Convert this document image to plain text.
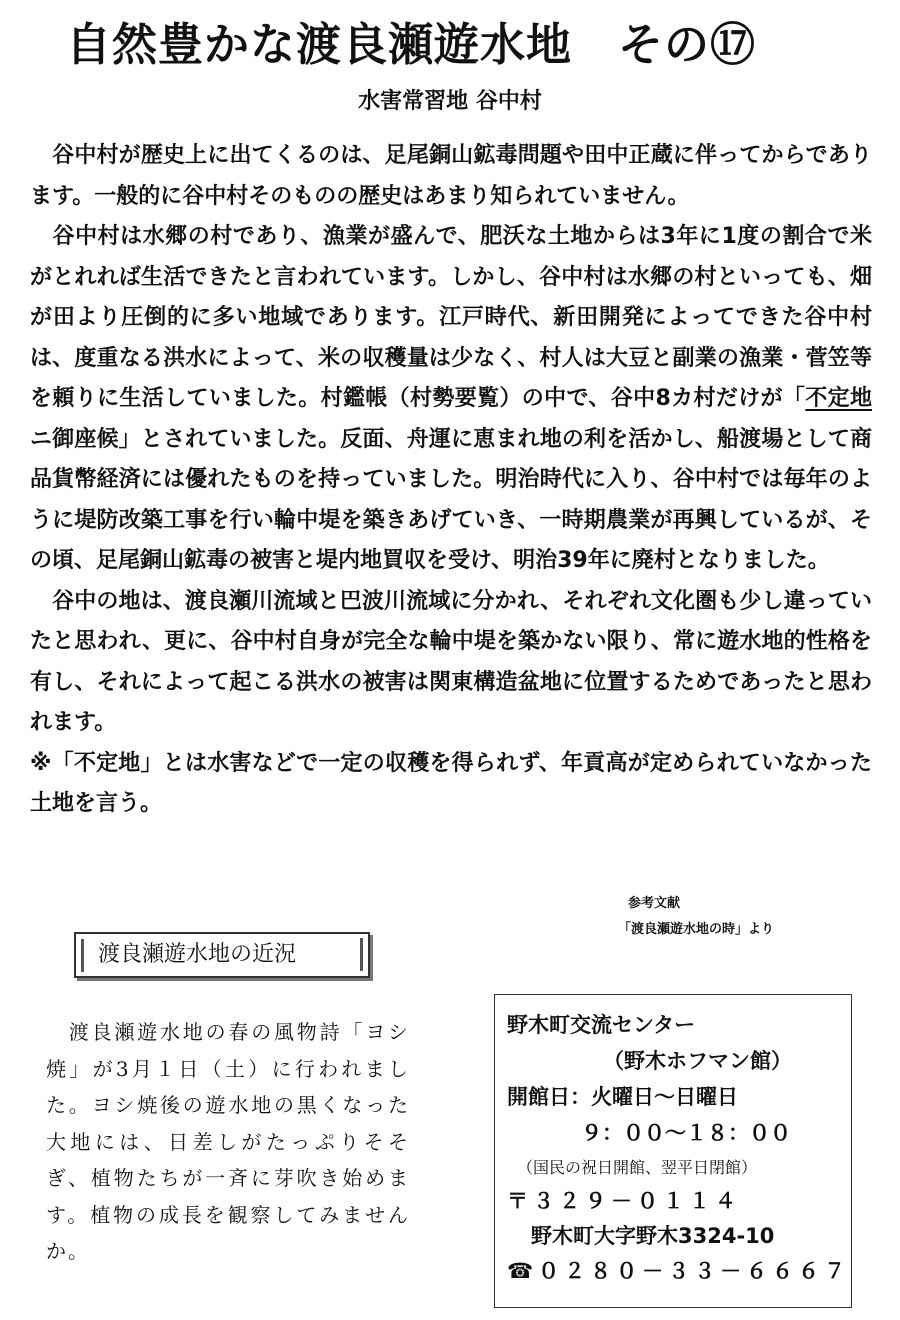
自然豊かな渡良瀬遊水地　その⑰
水害常習地 谷中村

　谷中村が歴史上に出てくるのは、足尾銅山鉱毒問題や田中正蔵に伴ってからであります。一般的に谷中村そのものの歴史はあまり知られていません。

　谷中村は水郷の村であり、漁業が盛んで、肥沃な土地からは3年に1度の割合で米がとれれば生活できたと言われています。しかし、谷中村は水郷の村といっても、畑が田より圧倒的に多い地域であります。江戸時代、新田開発によってできた谷中村は、度重なる洪水によって、米の収穫量は少なく、村人は大豆と副業の漁業・菅笠等を頼りに生活していました。村鑑帳（村勢要覧）の中で、谷中8カ村だけが「不定地ニ御座候」とされていました。反面、舟運に恵まれ地の利を活かし、船渡場として商品貨幣経済には優れたものを持っていました。明治時代に入り、谷中村では毎年のように堤防改築工事を行い輪中堤を築きあげていき、一時期農業が再興しているが、その頃、足尾銅山鉱毒の被害と堤内地買収を受け、明治39年に廃村となりました。

　谷中の地は、渡良瀬川流域と巴波川流域に分かれ、それぞれ文化圏も少し違っていたと思われ、更に、谷中村自身が完全な輪中堤を築かない限り、常に遊水地的性格を有し、それによって起こる洪水の被害は関東構造盆地に位置するためであったと思われます。

※「不定地」とは水害などで一定の収穫を得られず、年貢高が定められていなかった土地を言う。

参考文献
「渡良瀬遊水地の時」より
渡良瀬遊水地の近況
　渡良瀬遊水地の春の風物詩「ヨシ焼」が3月１日（土）に行われました。ヨシ焼後の遊水地の黒くなった大地には、日差しがたっぷりそそぎ、植物たちが一斉に芽吹き始めます。植物の成長を観察してみませんか。
野木町交流センター
（野木ホフマン館）
開館日：火曜日～日曜日
９：００～１８：００
（国民の祝日開館、翌平日閉館）
〒３２９－０１１４
野木町大字野木3324-10
☎０２８０－３３－６６６７
